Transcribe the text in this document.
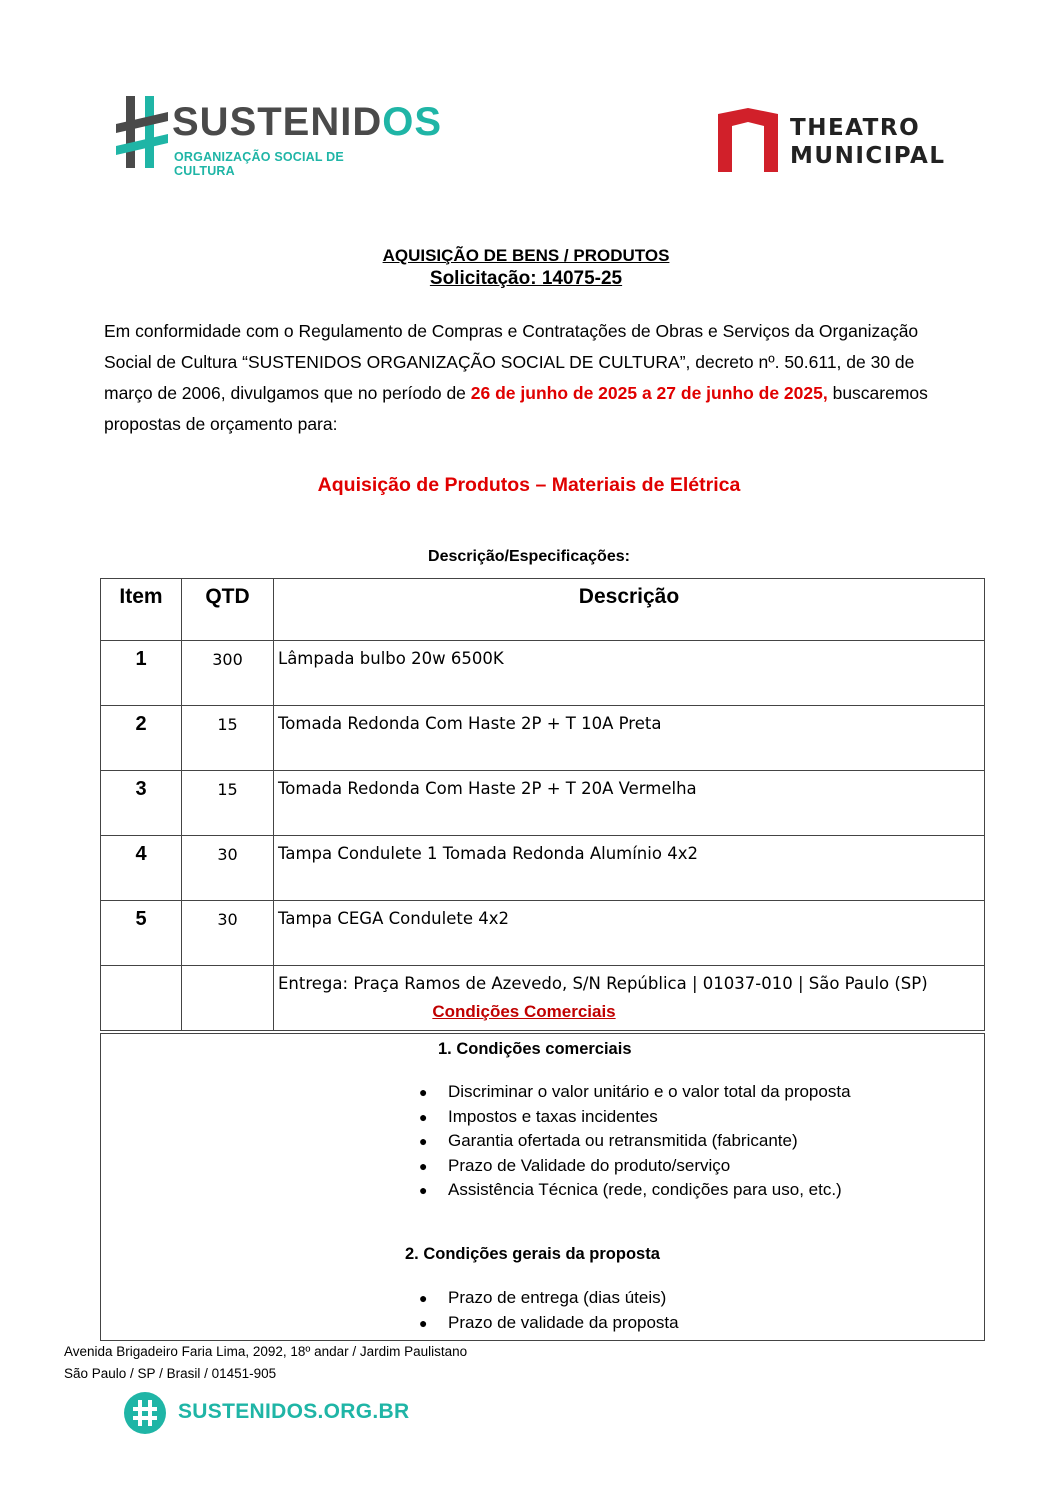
SUSTENIDOS
ORGANIZAÇÃO SOCIAL DE CULTURA
THEATRO
MUNICIPAL
AQUISIÇÃO DE BENS / PRODUTOS
Solicitação: 14075-25
Em conformidade com o Regulamento de Compras e Contratações de Obras e Serviços da Organização Social de Cultura “SUSTENIDOS ORGANIZAÇÃO SOCIAL DE CULTURA”, decreto nº. 50.611, de 30 de março de 2006, divulgamos que no período de 26 de junho de 2025 a 27 de junho de 2025, buscaremos propostas de orçamento para:
Aquisição de Produtos – Materiais de Elétrica
Descrição/Especificações:
Item	QTD	Descrição
1	300	Lâmpada bulbo 20w 6500K
2	15	Tomada Redonda Com Haste 2P + T 10A Preta
3	15	Tomada Redonda Com Haste 2P + T 20A Vermelha
4	30	Tampa Condulete 1 Tomada Redonda Alumínio 4x2
5	30	Tampa CEGA Condulete 4x2
		Entrega: Praça Ramos de Azevedo, S/N República | 01037-010 | São Paulo (SP)
Condições Comerciais
1. Condições comerciais
● Discriminar o valor unitário e o valor total da proposta
● Impostos e taxas incidentes
● Garantia ofertada ou retransmitida (fabricante)
● Prazo de Validade do produto/serviço
● Assistência Técnica (rede, condições para uso, etc.)
2. Condições gerais da proposta
● Prazo de entrega (dias úteis)
● Prazo de validade da proposta
Avenida Brigadeiro Faria Lima, 2092, 18º andar / Jardim Paulistano
São Paulo / SP / Brasil / 01451-905
SUSTENIDOS.ORG.BR
